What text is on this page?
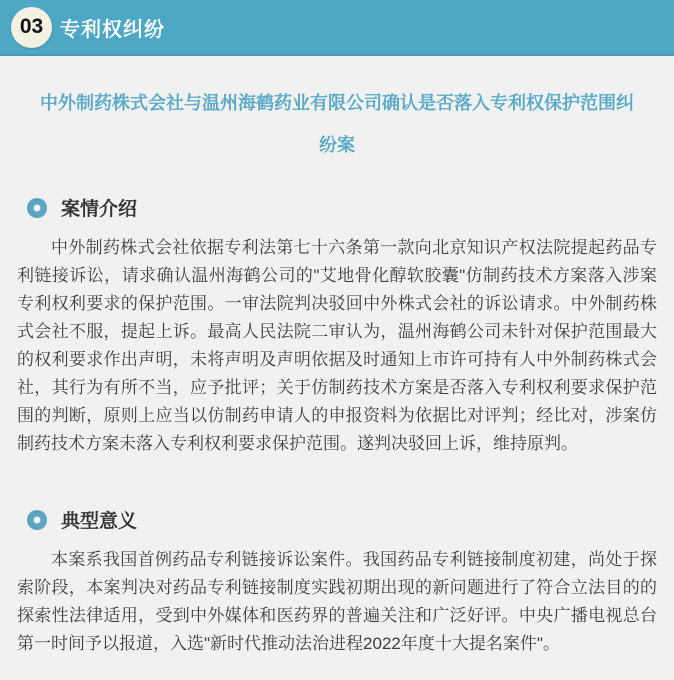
03 专利权纠纷
中外制药株式会社与温州海鹤药业有限公司确认是否落入专利权保护范围纠纷案
案情介绍

中外制药株式会社依据专利法第七十六条第一款向北京知识产权法院提起药品专利链接诉讼，请求确认温州海鹤公司的"艾地骨化醇软胶囊"仿制药技术方案落入涉案专利权利要求的保护范围。一审法院判决驳回中外株式会社的诉讼请求。中外制药株式会社不服，提起上诉。最高人民法院二审认为，温州海鹤公司未针对保护范围最大的权利要求作出声明，未将声明及声明依据及时通知上市许可持有人中外制药株式会社，其行为有所不当，应予批评；关于仿制药技术方案是否落入专利权利要求保护范围的判断，原则上应当以仿制药申请人的申报资料为依据比对评判；经比对，涉案仿制药技术方案未落入专利权利要求保护范围。遂判决驳回上诉，维持原判。

典型意义

本案系我国首例药品专利链接诉讼案件。我国药品专利链接制度初建，尚处于探索阶段，本案判决对药品专利链接制度实践初期出现的新问题进行了符合立法目的的探索性法律适用，受到中外媒体和医药界的普遍关注和广泛好评。中央广播电视总台第一时间予以报道，入选"新时代推动法治进程2022年度十大提名案件"。
